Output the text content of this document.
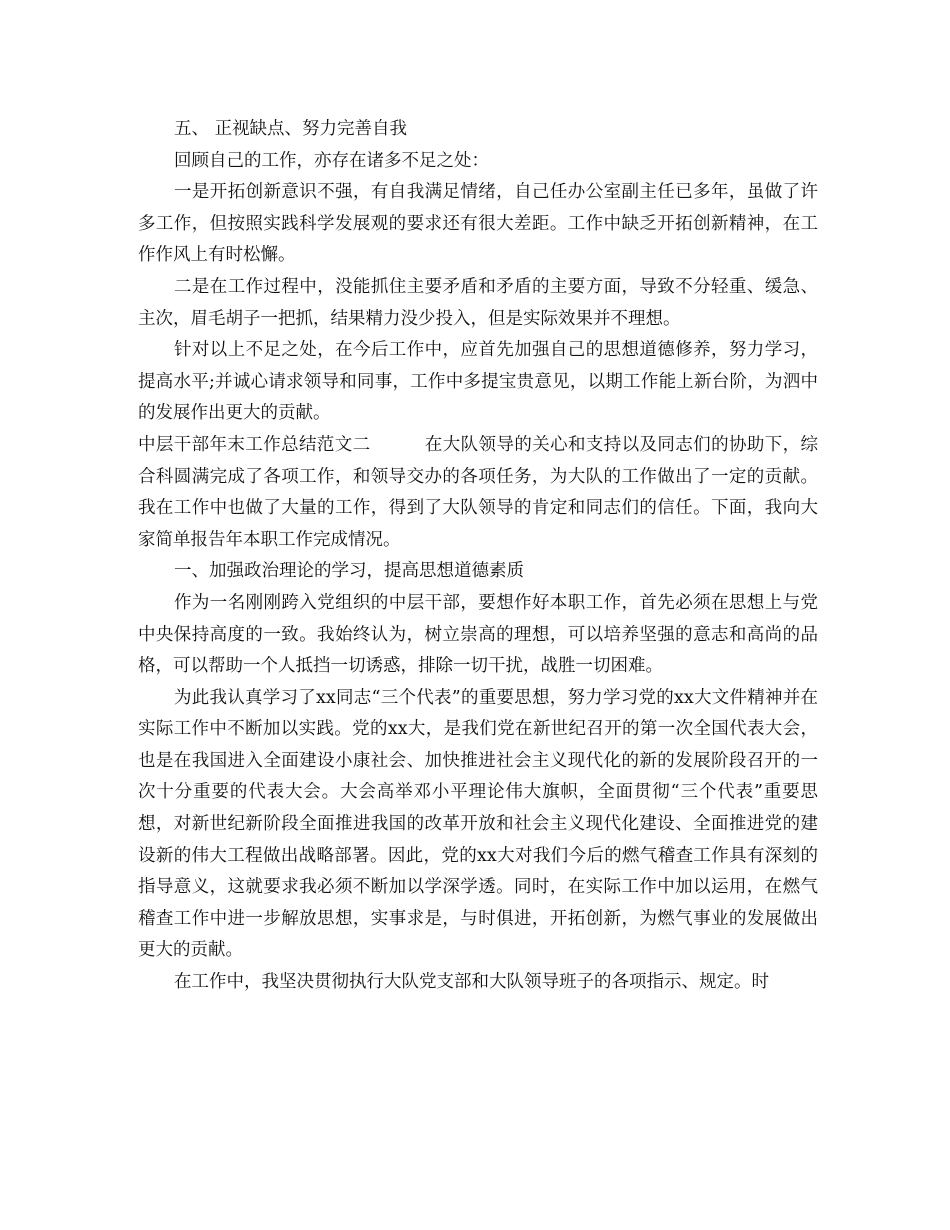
五、 正视缺点、努力完善自我

回顾自己的工作，亦存在诸多不足之处：

一是开拓创新意识不强，有自我满足情绪，自己任办公室副主任已多年，虽做了许多工作，但按照实践科学发展观的要求还有很大差距。工作中缺乏开拓创新精神，在工作作风上有时松懈。

二是在工作过程中，没能抓住主要矛盾和矛盾的主要方面，导致不分轻重、缓急、主次，眉毛胡子一把抓，结果精力没少投入，但是实际效果并不理想。

针对以上不足之处，在今后工作中，应首先加强自己的思想道德修养，努力学习，提高水平;并诚心请求领导和同事，工作中多提宝贵意见，以期工作能上新台阶，为泗中的发展作出更大的贡献。

中层干部年末工作总结范文二	在大队领导的关心和支持以及同志们的协助下，综合科圆满完成了各项工作，和领导交办的各项任务，为大队的工作做出了一定的贡献。我在工作中也做了大量的工作，得到了大队领导的肯定和同志们的信任。下面，我向大家简单报告年本职工作完成情况。

一、加强政治理论的学习，提高思想道德素质

作为一名刚刚跨入党组织的中层干部，要想作好本职工作，首先必须在思想上与党中央保持高度的一致。我始终认为，树立崇高的理想，可以培养坚强的意志和高尚的品格，可以帮助一个人抵挡一切诱惑，排除一切干扰，战胜一切困难。

为此我认真学习了xx同志“三个代表”的重要思想，努力学习党的xx大文件精神并在实际工作中不断加以实践。党的xx大，是我们党在新世纪召开的第一次全国代表大会，也是在我国进入全面建设小康社会、加快推进社会主义现代化的新的发展阶段召开的一次十分重要的代表大会。大会高举邓小平理论伟大旗帜，全面贯彻“三个代表”重要思想，对新世纪新阶段全面推进我国的改革开放和社会主义现代化建设、全面推进党的建设新的伟大工程做出战略部署。因此，党的xx大对我们今后的燃气稽查工作具有深刻的指导意义，这就要求我必须不断加以学深学透。同时，在实际工作中加以运用，在燃气稽查工作中进一步解放思想，实事求是，与时俱进，开拓创新，为燃气事业的发展做出更大的贡献。

在工作中，我坚决贯彻执行大队党支部和大队领导班子的各项指示、规定。时
